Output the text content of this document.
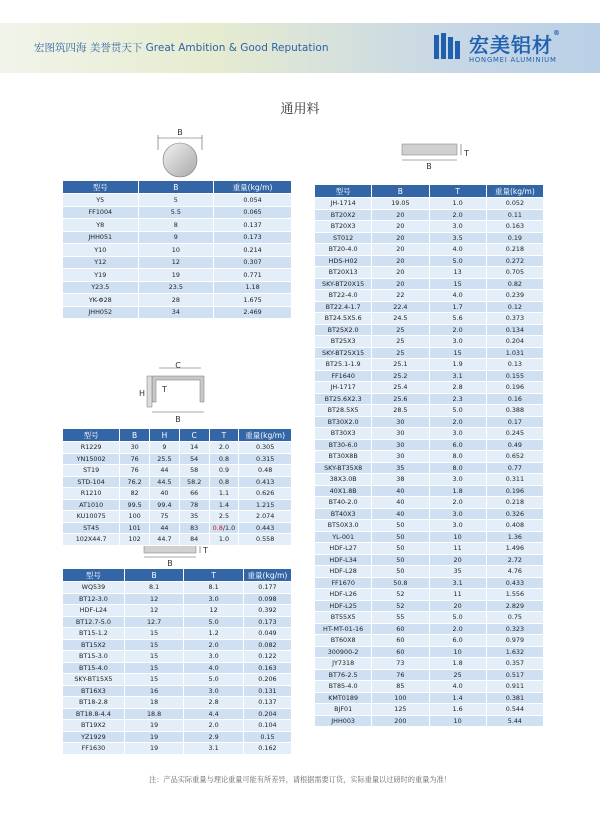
宏图筑四海 美誉贯天下 Great Ambition & Good Reputation	宏美铝材®
HONGMEI ALUMINIUM
通用料
B
C
T
H
B
T
B
T
B
型号	B	重量(kg/m)
Y5	5	0.054
FF1004	5.5	0.065
Y8	8	0.137
JHH051	9	0.173
Y10	10	0.214
Y12	12	0.307
Y19	19	0.771
Y23.5	23.5	1.18
YK-Φ28	28	1.675
JHH052	34	2.469
型号	B	H	C	T	重量(kg/m)
R1229	30	9	14	2.0	0.305
YN15002	76	25.5	54	0.8	0.315
ST19	76	44	58	0.9	0.48
STD-104	76.2	44.5	58.2	0.8	0.413
R1210	82	40	66	1.1	0.626
AT1010	99.5	99.4	78	1.4	1.215
KU10075	100	75	35	2.5	2.074
ST45	101	44	83	0.8/1.0	0.443
102X44.7	102	44.7	84	1.0	0.558
型号	B	T	重量(kg/m)
WQ539	8.1	8.1	0.177
BT12-3.0	12	3.0	0.098
HDF-L24	12	12	0.392
BT12.7-5.0	12.7	5.0	0.173
BT15-1.2	15	1.2	0.049
BT15X2	15	2.0	0.082
BT15-3.0	15	3.0	0.122
BT15-4.0	15	4.0	0.163
SKY-BT15X5	15	5.0	0.206
BT16X3	16	3.0	0.131
BT18-2.8	18	2.8	0.137
BT18.8-4.4	18.8	4.4	0.204
BT19X2	19	2.0	0.104
YZ1929	19	2.9	0.15
FF1630	19	3.1	0.162
型号	B	T	重量(kg/m)
JH-1714	19.05	1.0	0.052
BT20X2	20	2.0	0.11
BT20X3	20	3.0	0.163
ST012	20	3.5	0.19
BT20-4.0	20	4.0	0.218
HDS-H02	20	5.0	0.272
BT20X13	20	13	0.705
SKY-BT20X15	20	15	0.82
BT22-4.0	22	4.0	0.239
BT22.4-1.7	22.4	1.7	0.12
BT24.5X5.6	24.5	5.6	0.373
BT25X2.0	25	2.0	0.134
BT25X3	25	3.0	0.204
SKY-BT25X15	25	15	1.031
BT25.1-1.9	25.1	1.9	0.13
FF1640	25.2	3.1	0.155
JH-1717	25.4	2.8	0.196
BT25.6X2.3	25.6	2.3	0.16
BT28.5X5	28.5	5.0	0.388
BT30X2.0	30	2.0	0.17
BT30X3	30	3.0	0.245
BT30-6.0	30	6.0	0.49
BT30X8B	30	8.0	0.652
SKY-BT35X8	35	8.0	0.77
38X3.0B	38	3.0	0.311
40X1.8B	40	1.8	0.196
BT40-2.0	40	2.0	0.218
BT40X3	40	3.0	0.326
BT50X3.0	50	3.0	0.408
YL-001	50	10	1.36
HDF-L27	50	11	1.496
HDF-L34	50	20	2.72
HDF-L28	50	35	4.76
FF1670	50.8	3.1	0.433
HDF-L26	52	11	1.556
HDF-L25	52	20	2.829
BT55X5	55	5.0	0.75
HT-MT-01-16	60	2.0	0.323
BT60X8	60	6.0	0.979
300900-2	60	10	1.632
JY7318	73	1.8	0.357
BT76-2.5	76	25	0.517
BT85-4.0	85	4.0	0.911
KMT0189	100	1.4	0.381
BJF01	125	1.6	0.544
JHH003	200	10	5.44
注：产品实际重量与理论重量可能有所差异，请根据需要订货，实际重量以过磅时的重量为准！
